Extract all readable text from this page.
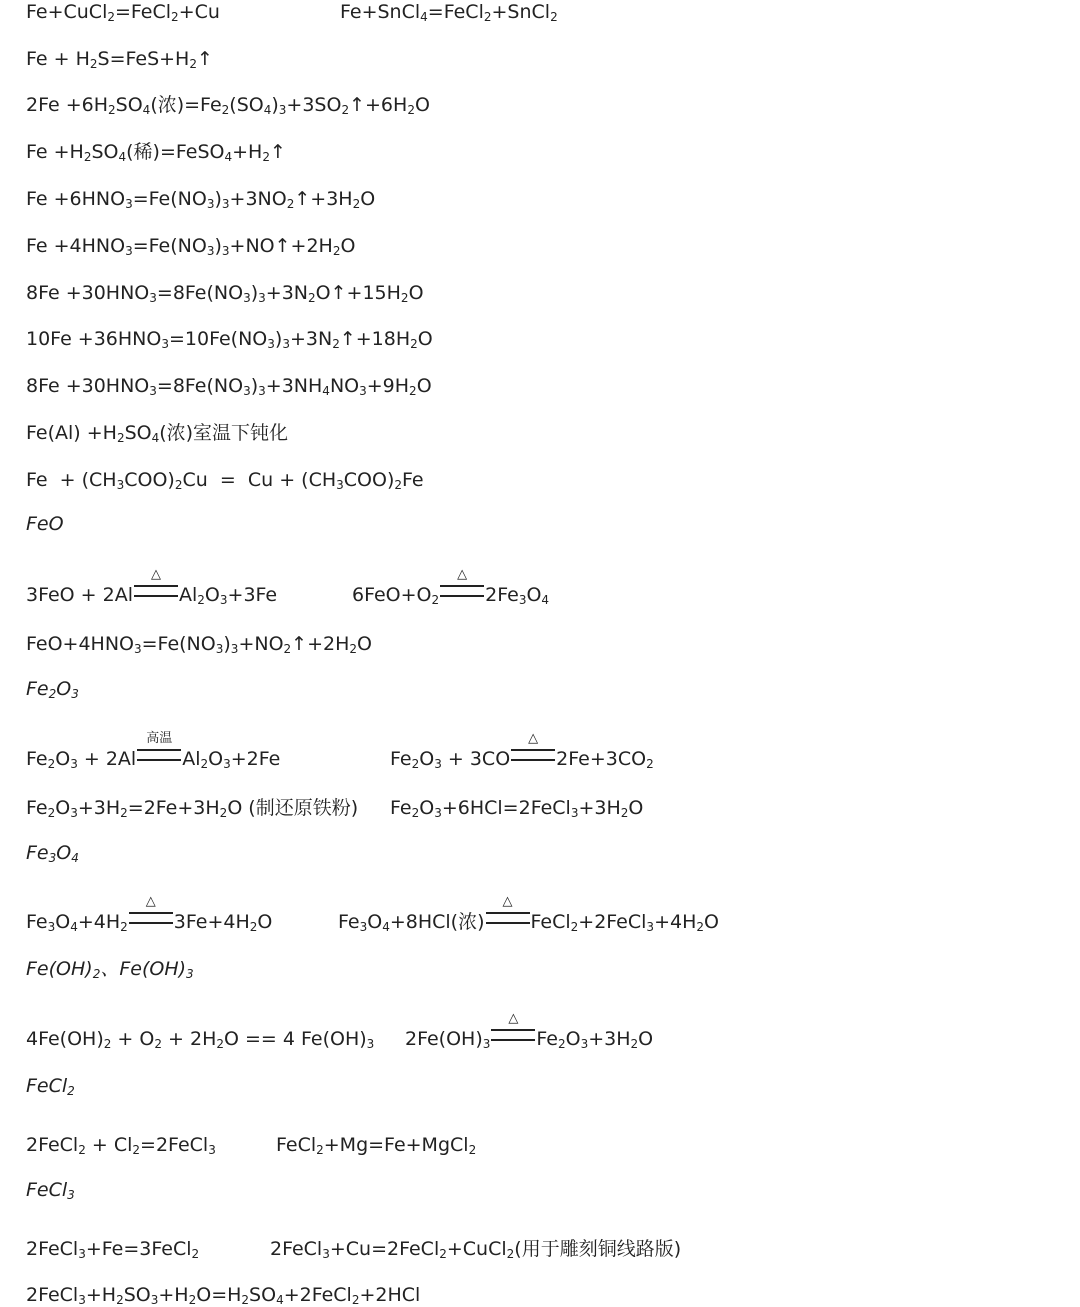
Fe+CuCl$_2$=FeCl$_2$+Cu	Fe+SnCl$_4$=FeCl$_2$+SnCl$_2$
$Fe + H_2S=FeS+H_2↑$
$2Fe +6H_2SO_4$(浓)$=Fe_2(SO_4)_3+3SO_2↑+6H_2O$
$Fe +H_2SO_4$(稀)$=FeSO_4+H_2↑$
$Fe +6HNO_3=Fe(NO_3)_3+3NO_2↑+3H_2O$
$Fe +4HNO_3=Fe(NO_3)_3+NO↑+2H_2O$
$8Fe +30HNO_3=8Fe(NO_3)_3+3N_2O↑+15H_2O$
$10Fe +36HNO_3=10Fe(NO_3)_3+3N_2↑+18H_2O$
$8Fe +30HNO_3=8Fe(NO_3)_3+3NH_4NO_3+9H_2O$
$Fe(Al) +H_2SO_4$(浓)室温下钝化
$Fe + (CH_3COO)_2Cu = Cu + (CH_3COO)_2Fe$
FeO
3FeO + 2Al
△
$Al_2O_3+3Fe$	$6FeO+O_2$
△
$2Fe_3O_4$
$FeO+4HNO_3=Fe(NO_3)_3+NO_2↑+2H_2O$
$Fe_2O_3$
$Fe_2O_3 + 2Al$
高温
$Al_2O_3+2Fe$	$Fe_2O_3 + 3CO$
△
$2Fe+3CO_2$
$Fe_2O_3+3H_2=2Fe+3H_2O$ (制还原铁粉) $Fe_2O_3+6HCl=2FeCl_3+3H_2O$
$Fe_3O_4$
$Fe_3O_4+4H_2$
△
$3Fe+4H_2O$	$Fe_3O_4+8HCl$(浓)
△
$FeCl_2+2FeCl_3+4H_2O$
$Fe(OH)_2$、$Fe(OH)_3$
$4Fe(OH)_2 + O_2 + 2H_2O == 4$ $Fe(OH)_3$ $2Fe(OH)_3$
△
$Fe_2O_3+3H_2O$
FeCl$_2$
2FeCl$_2$ + $Cl_2=2FeCl_3$	FeCl$_2$+Mg=Fe+MgCl$_2$
FeCl$_3$
2FeCl$_3$+Fe=3FeCl$_2$	2FeCl$_3$+Cu=2FeCl$_2$+CuCl$_2$(用于雕刻铜线路版)
$2FeCl_3+H_2SO_3+H_2O=H_2SO_4+2FeCl_2+2HCl$
